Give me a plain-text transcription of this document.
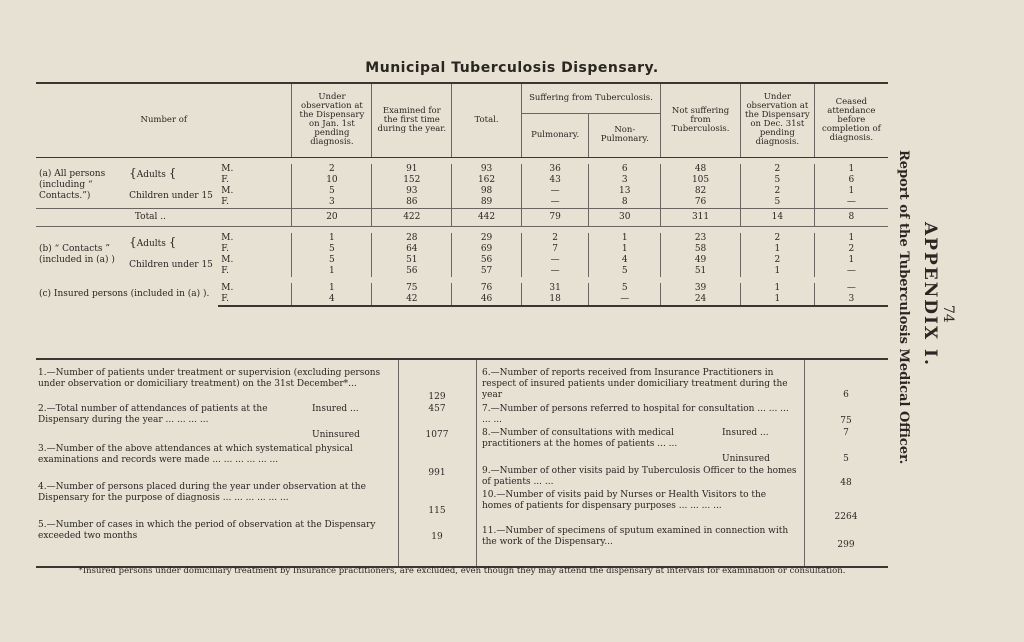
Municipal Tuberculosis Dispensary.
74
APPENDIX I.
Report of the Tuberculosis Medical Officer.
Number of			Under observation at the Dispensary on Jan. 1st pending diagnosis.	Examined for the first time during the year.	Total.	Suffering from Tuberculosis.		Not suffering from Tuberculosis.	Under observation at the Dispensary on Dec. 31st pending diagnosis.	Ceased attendance before completion of diagnosis.
						Pulmonary.	Non-Pulmonary.			

(a) All persons (including “ Contacts.”)	{Adults {	M.	2	91	93	36	6	48	2	1
		F.	10	152	162	43	3	105	5	6
	Children under 15	M.	5	93	98	—	13	82	2	1
		F.	3	86	89	—	8	76	5	—
	Total ..		20	422	442	79	30	311	14	8

(b) “ Contacts ” (included in (a) )	{Adults {	M.	1	28	29	2	1	23	2	1
		F.	5	64	69	7	1	58	1	2
	Children under 15	M.	5	51	56	—	4	49	2	1
		F.	1	56	57	—	5	51	1	—

(c) Insured persons (included in (a) ).		M.	1	75	76	31	5	39	1	—
		F.	4	42	46	18	—	24	1	3
1.—Number of patients under treatment or supervision (excluding persons under observation or domiciliary treatment) on the 31st December*...
129
2.—Total number of attendances of patients at the Dispensary during the year ... ... ... ...
Insured ...	457
Uninsured	1077
3.—Number of the above attendances at which systematical physical examinations and records were made ... ... ... ... ... ...
991
4.—Number of persons placed during the year under observation at the Dispensary for the purpose of diagnosis ... ... ... ... ... ...
115
5.—Number of cases in which the period of observation at the Dispensary exceeded two months	19
6.—Number of reports received from Insurance Practitioners in respect of insured patients under domiciliary treatment during the year	6
7.—Number of persons referred to hospital for consultation ... ... ... ... ...	75
8.—Number of consultations with medical practitioners at the homes of patients ... ...
Insured ...	7
Uninsured	5
9.—Number of other visits paid by Tuberculosis Officer to the homes of patients ... ...	48
10.—Number of visits paid by Nurses or Health Visitors to the homes of patients for dispensary purposes ... ... ... ...
2264
11.—Number of specimens of sputum examined in connection with the work of the Dispensary...	299
*Insured persons under domiciliary treatment by Insurance practitioners, are excluded, even though they may attend the dispensary at intervals for examination or consultation.
